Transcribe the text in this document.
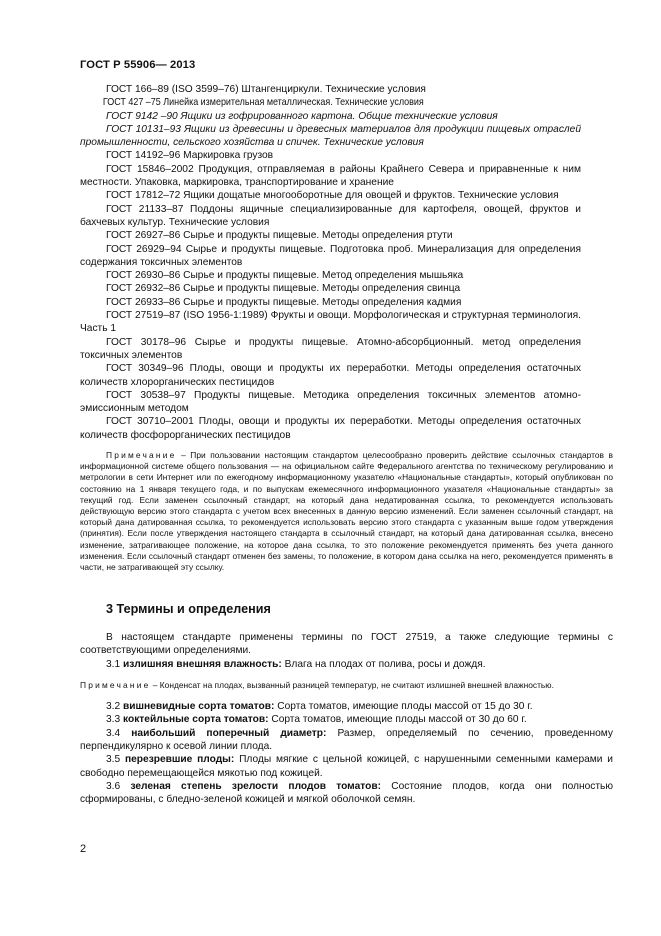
ГОСТ Р 55906— 2013

ГОСТ 166–89 (ISO 3599–76) Штангенциркули. Технические условия

ГОСТ 427 –75 Линейка измерительная металлическая. Технические условия

ГОСТ 9142 –90 Ящики из гофрированного картона. Общие технические условия

ГОСТ 10131–93 Ящики из древесины и древесных материалов для продукции пищевых отраслей промышленности, сельского хозяйства и спичек. Технические условия

ГОСТ 14192–96 Маркировка грузов

ГОСТ 15846–2002 Продукция, отправляемая в районы Крайнего Севера и приравненные к ним местности. Упаковка, маркировка, транспортирование и хранение

ГОСТ 17812–72 Ящики дощатые многооборотные для овощей и фруктов. Технические условия

ГОСТ 21133–87 Поддоны ящичные специализированные для картофеля, овощей, фруктов и бахчевых культур. Технические условия

ГОСТ 26927–86 Сырье и продукты пищевые. Методы определения ртути

ГОСТ 26929–94 Сырье и продукты пищевые. Подготовка проб. Минерализация для определения содержания токсичных элементов

ГОСТ 26930–86 Сырье и продукты пищевые. Метод определения мышьяка

ГОСТ 26932–86 Сырье и продукты пищевые. Методы определения свинца

ГОСТ 26933–86 Сырье и продукты пищевые. Методы определения кадмия

ГОСТ 27519–87 (ISO 1956-1:1989) Фрукты и овощи. Морфологическая и структурная терминология. Часть 1

ГОСТ 30178–96 Сырье и продукты пищевые. Атомно-абсорбционный. метод определения токсичных элементов

ГОСТ 30349–96 Плоды, овощи и продукты их переработки. Методы определения остаточных количеств хлорорганических пестицидов

ГОСТ 30538–97 Продукты пищевые. Методика определения токсичных элементов атомно-эмиссионным методом

ГОСТ 30710–2001 Плоды, овощи и продукты их переработки. Методы определения остаточных количеств фосфорорганических пестицидов

Примечание – При пользовании настоящим стандартом целесообразно проверить действие ссылочных стандартов в информационной системе общего пользования — на официальном сайте Федерального агентства по техническому регулированию и метрологии в сети Интернет или по ежегодному информационному указателю «Национальные стандарты», который опубликован по состоянию на 1 января текущего года, и по выпускам ежемесячного информационного указателя «Национальные стандарты» за текущий год. Если заменен ссылочный стандарт, на который дана недатированная ссылка, то рекомендуется использовать действующую версию этого стандарта с учетом всех внесенных в данную версию изменений. Если заменен ссылочный стандарт, на который дана датированная ссылка, то рекомендуется использовать версию этого стандарта с указанным выше годом утверждения (принятия). Если после утверждения настоящего стандарта в ссылочный стандарт, на который дана датированная ссылка, внесено изменение, затрагивающее положение, на которое дана ссылка, то это положение рекомендуется применять без учета данного изменения. Если ссылочный стандарт отменен без замены, то положение, в котором дана ссылка на него, рекомендуется применять в части, не затрагивающей эту ссылку.

3 Термины и определения

В настоящем стандарте применены термины по ГОСТ 27519, а также следующие термины с соответствующими определениями.

3.1 излишняя внешняя влажность: Влага на плодах от полива, росы и дождя.

Примечание – Конденсат на плодах, вызванный разницей температур, не считают излишней внешней влажностью.

3.2 вишневидные сорта томатов: Сорта томатов, имеющие плоды массой от 15 до 30 г.

3.3 коктейльные сорта томатов: Сорта томатов, имеющие плоды массой от 30 до 60 г.

3.4 наибольший поперечный диаметр: Размер, определяемый по сечению, проведенному перпендикулярно к осевой линии плода.

3.5 перезревшие плоды: Плоды мягкие с цельной кожицей, с нарушенными семенными камерами и свободно перемещающейся мякотью под кожицей.

3.6 зеленая степень зрелости плодов томатов: Состояние плодов, когда они полностью сформированы, с бледно-зеленой кожицей и мягкой оболочкой семян.

2
